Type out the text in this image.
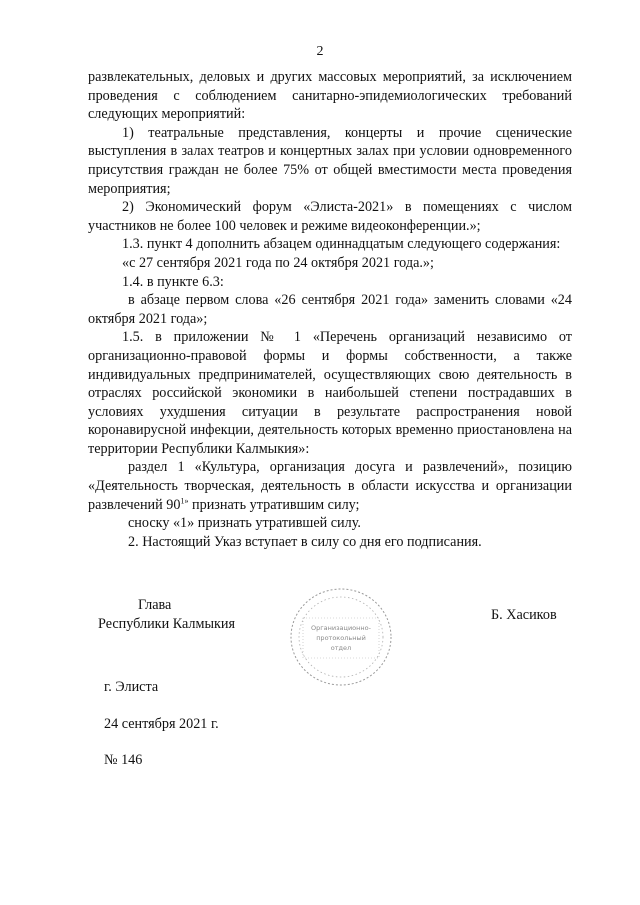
2

развлекательных, деловых и других массовых мероприятий, за исключением проведения с соблюдением санитарно-эпидемиологических требований следующих мероприятий:

1) театральные представления, концерты и прочие сценические выступления в залах театров и концертных залах при условии одновременного присутствия граждан не более 75% от общей вместимости места проведения мероприятия;

2) Экономический форум «Элиста-2021» в помещениях с числом участников не более 100 человек и режиме видеоконференции.»;

1.3. пункт 4 дополнить абзацем одиннадцатым следующего содержания:

«с 27 сентября 2021 года по 24 октября 2021 года.»;

1.4. в пункте 6.3:

в абзаце первом слова «26 сентября 2021 года» заменить словами «24 октября 2021 года»;

1.5. в приложении № 1 «Перечень организаций независимо от организационно-правовой формы и формы собственности, а также индивидуальных предпринимателей, осуществляющих свою деятельность в отраслях российской экономики в наибольшей степени пострадавших в условиях ухудшения ситуации в результате распространения новой коронавирусной инфекции, деятельность которых временно приостановлена на территории Республики Калмыкия»:

раздел 1 «Культура, организация досуга и развлечений», позицию «Деятельность творческая, деятельность в области искусства и организации развлечений $90^{1»}$ признать утратившим силу;

сноску «1» признать утратившей силу.

2. Настоящий Указ вступает в силу со дня его подписания.

Глава
Республики Калмыкия	Организационно-
протокольный
отдел
Б. Хасиков
г. Элиста
24 сентября 2021 г.
№ 146
